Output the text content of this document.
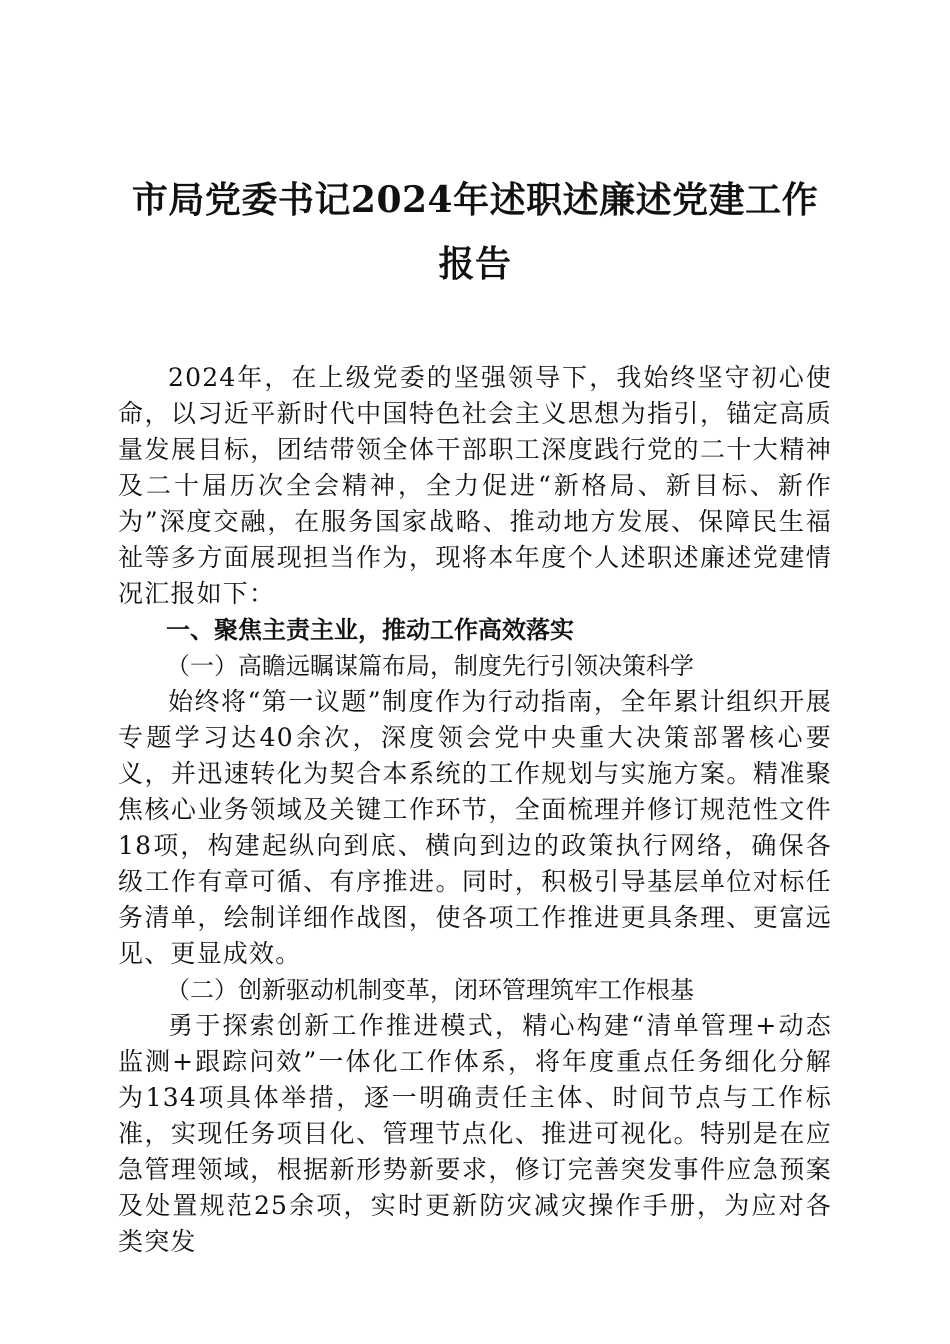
市局党委书记2024年述职述廉述党建工作报告

2024年，在上级党委的坚强领导下，我始终坚守初心使命，以习近平新时代中国特色社会主义思想为指引，锚定高质量发展目标，团结带领全体干部职工深度践行党的二十大精神及二十届历次全会精神，全力促进“新格局、新目标、新作为”深度交融，在服务国家战略、推动地方发展、保障民生福祉等多方面展现担当作为，现将本年度个人述职述廉述党建情况汇报如下：

一、聚焦主责主业，推动工作高效落实

（一）高瞻远瞩谋篇布局，制度先行引领决策科学

始终将“第一议题”制度作为行动指南，全年累计组织开展专题学习达40余次，深度领会党中央重大决策部署核心要义，并迅速转化为契合本系统的工作规划与实施方案。精准聚焦核心业务领域及关键工作环节，全面梳理并修订规范性文件18项，构建起纵向到底、横向到边的政策执行网络，确保各级工作有章可循、有序推进。同时，积极引导基层单位对标任务清单，绘制详细作战图，使各项工作推进更具条理、更富远见、更显成效。

（二）创新驱动机制变革，闭环管理筑牢工作根基

勇于探索创新工作推进模式，精心构建“清单管理+动态监测+跟踪问效”一体化工作体系，将年度重点任务细化分解为134项具体举措，逐一明确责任主体、时间节点与工作标准，实现任务项目化、管理节点化、推进可视化。特别是在应急管理领域，根据新形势新要求，修订完善突发事件应急预案及处置规范25余项，实时更新防灾减灾操作手册，为应对各类突发
